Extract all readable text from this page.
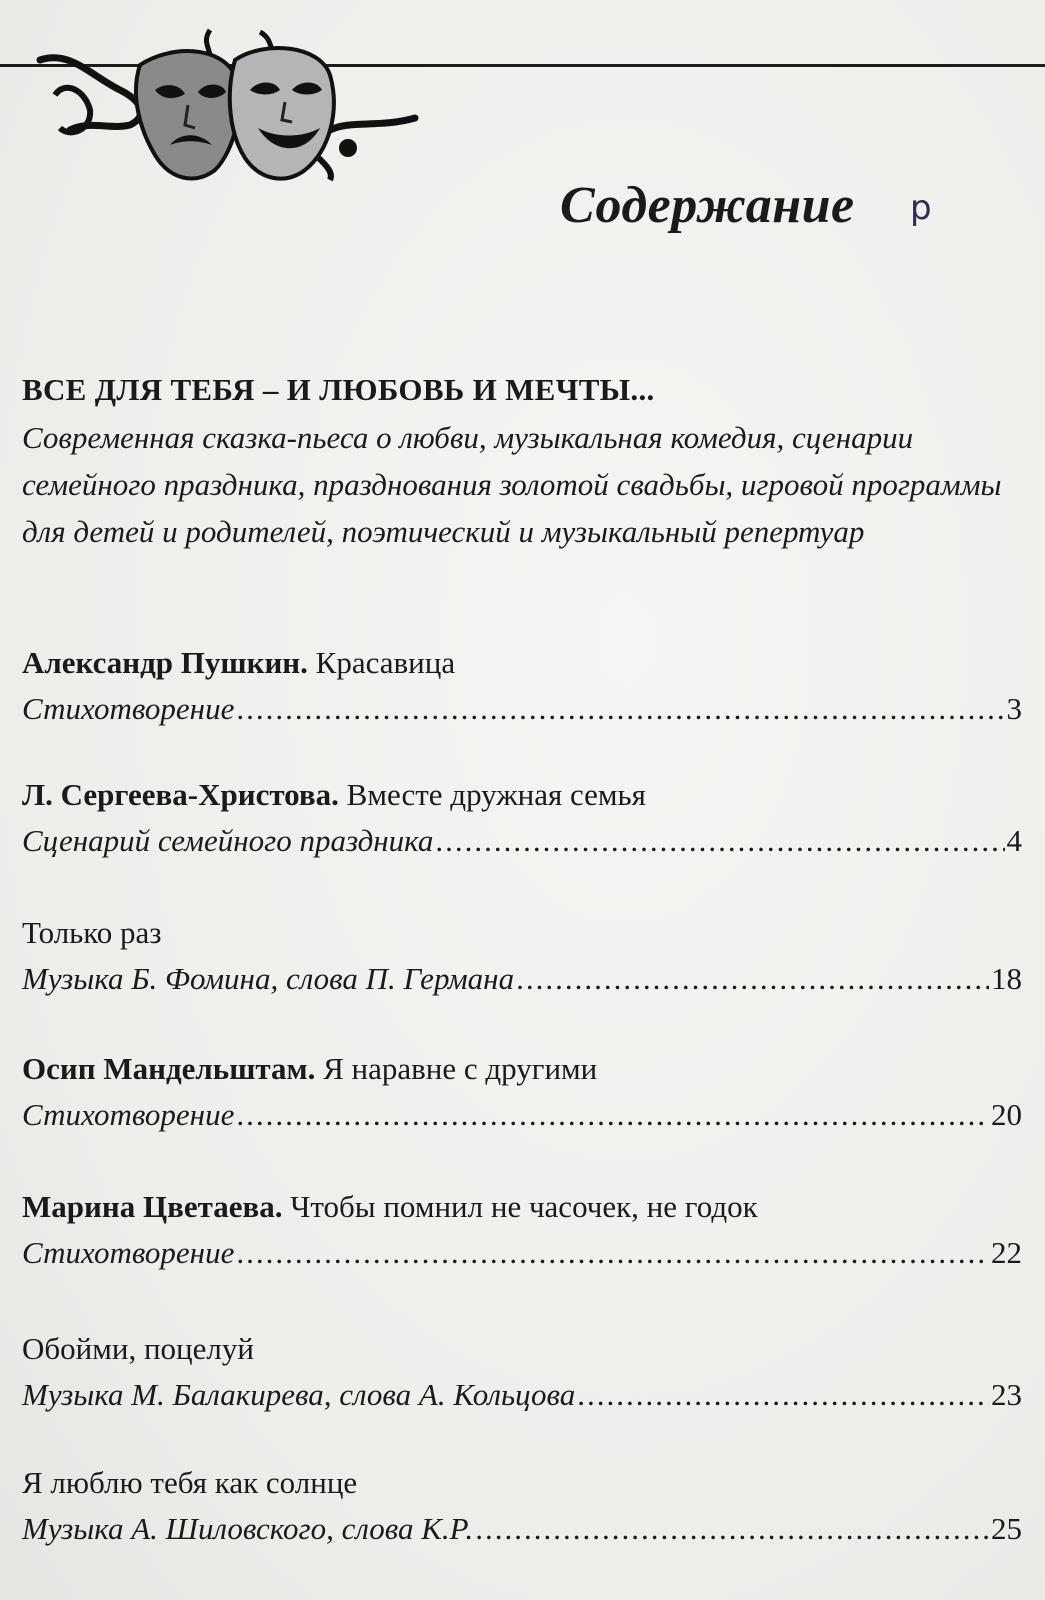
Содержание р
ВСЕ ДЛЯ ТЕБЯ – И ЛЮБОВЬ И МЕЧТЫ...
Современная сказка-пьеса о любви, музыкальная комедия, сценарии семейного праздника, празднования золотой свадьбы, игровой программы для детей и родителей, поэтический и музыкальный репертуар
Александр Пушкин. Красавица
Стихотворение .....	3
Л. Сергеева-Христова. Вместе дружная семья
Сценарий семейного праздника .....	4
Только раз
Музыка Б. Фомина, слова П. Германа .....	18
Осип Мандельштам. Я наравне с другими
Стихотворение .....	20
Марина Цветаева. Чтобы помнил не часочек, не годок
Стихотворение .....	22
Обойми, поцелуй
Музыка М. Балакирева, слова А. Кольцова .....	23
Я люблю тебя как солнце
Музыка А. Шиловского, слова К.Р. .....	25
